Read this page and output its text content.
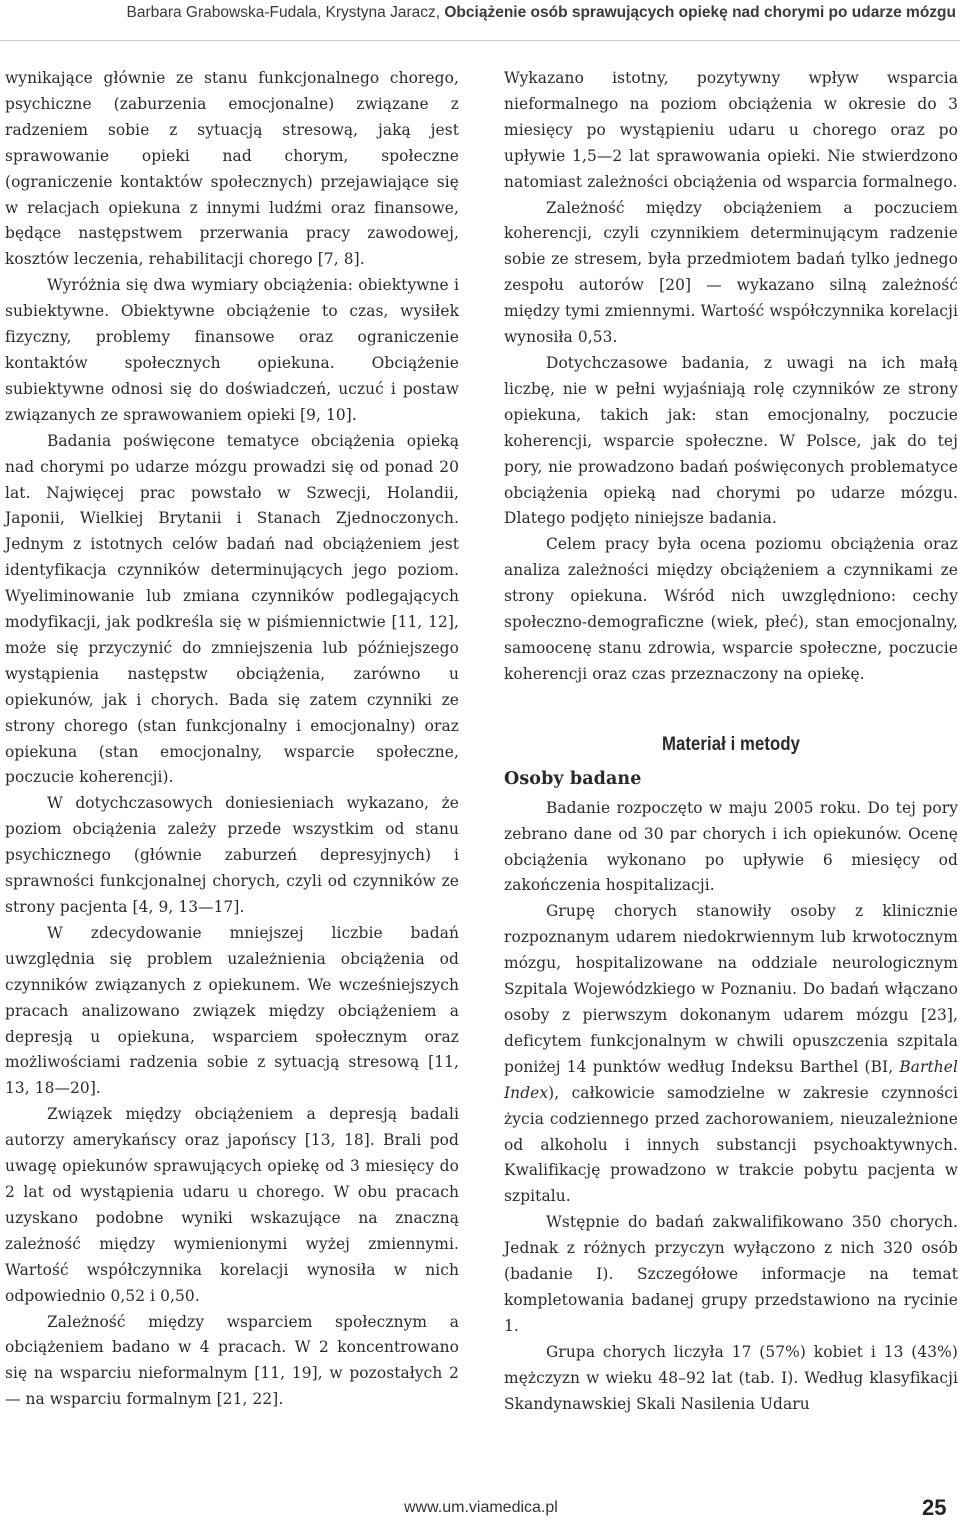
Barbara Grabowska-Fudala, Krystyna Jaracz, Obciążenie osób sprawujących opiekę nad chorymi po udarze mózgu

wynikające głównie ze stanu funkcjonalnego chorego, psychiczne (zaburzenia emocjonalne) związane z radzeniem sobie z sytuacją stresową, jaką jest sprawowanie opieki nad chorym, społeczne (ograniczenie kontaktów społecznych) przejawiające się w relacjach opiekuna z innymi ludźmi oraz finansowe, będące następstwem przerwania pracy zawodowej, kosztów leczenia, rehabilitacji chorego [7, 8].

Wyróżnia się dwa wymiary obciążenia: obiektywne i subiektywne. Obiektywne obciążenie to czas, wysiłek fizyczny, problemy finansowe oraz ograniczenie kontaktów społecznych opiekuna. Obciążenie subiektywne odnosi się do doświadczeń, uczuć i postaw związanych ze sprawowaniem opieki [9, 10].

Badania poświęcone tematyce obciążenia opieką nad chorymi po udarze mózgu prowadzi się od ponad 20 lat. Najwięcej prac powstało w Szwecji, Holandii, Japonii, Wielkiej Brytanii i Stanach Zjednoczonych. Jednym z istotnych celów badań nad obciążeniem jest identyfikacja czynników determinujących jego poziom. Wyeliminowanie lub zmiana czynników podlegających modyfikacji, jak podkreśla się w piśmiennictwie [11, 12], może się przyczynić do zmniejszenia lub późniejszego wystąpienia następstw obciążenia, zarówno u opiekunów, jak i chorych. Bada się zatem czynniki ze strony chorego (stan funkcjonalny i emocjonalny) oraz opiekuna (stan emocjonalny, wsparcie społeczne, poczucie koherencji).

W dotychczasowych doniesieniach wykazano, że poziom obciążenia zależy przede wszystkim od stanu psychicznego (głównie zaburzeń depresyjnych) i sprawności funkcjonalnej chorych, czyli od czynników ze strony pacjenta [4, 9, 13—17].

W zdecydowanie mniejszej liczbie badań uwzględnia się problem uzależnienia obciążenia od czynników związanych z opiekunem. We wcześniejszych pracach analizowano związek między obciążeniem a depresją u opiekuna, wsparciem społecznym oraz możliwościami radzenia sobie z sytuacją stresową [11, 13, 18—20].

Związek między obciążeniem a depresją badali autorzy amerykańscy oraz japońscy [13, 18]. Brali pod uwagę opiekunów sprawujących opiekę od 3 miesięcy do 2 lat od wystąpienia udaru u chorego. W obu pracach uzyskano podobne wyniki wskazujące na znaczną zależność między wymienionymi wyżej zmiennymi. Wartość współczynnika korelacji wynosiła w nich odpowiednio 0,52 i 0,50.

Zależność między wsparciem społecznym a obciążeniem badano w 4 pracach. W 2 koncentrowano się na wsparciu nieformalnym [11, 19], w pozostałych 2 — na wsparciu formalnym [21, 22].

Wykazano istotny, pozytywny wpływ wsparcia nieformalnego na poziom obciążenia w okresie do 3 miesięcy po wystąpieniu udaru u chorego oraz po upływie 1,5—2 lat sprawowania opieki. Nie stwierdzono natomiast zależności obciążenia od wsparcia formalnego.

Zależność między obciążeniem a poczuciem koherencji, czyli czynnikiem determinującym radzenie sobie ze stresem, była przedmiotem badań tylko jednego zespołu autorów [20] — wykazano silną zależność między tymi zmiennymi. Wartość współczynnika korelacji wynosiła 0,53.

Dotychczasowe badania, z uwagi na ich małą liczbę, nie w pełni wyjaśniają rolę czynników ze strony opiekuna, takich jak: stan emocjonalny, poczucie koherencji, wsparcie społeczne. W Polsce, jak do tej pory, nie prowadzono badań poświęconych problematyce obciążenia opieką nad chorymi po udarze mózgu. Dlatego podjęto niniejsze badania.

Celem pracy była ocena poziomu obciążenia oraz analiza zależności między obciążeniem a czynnikami ze strony opiekuna. Wśród nich uwzględniono: cechy społeczno-demograficzne (wiek, płeć), stan emocjonalny, samoocenę stanu zdrowia, wsparcie społeczne, poczucie koherencji oraz czas przeznaczony na opiekę.

Materiał i metody
Osoby badane

Badanie rozpoczęto w maju 2005 roku. Do tej pory zebrano dane od 30 par chorych i ich opiekunów. Ocenę obciążenia wykonano po upływie 6 miesięcy od zakończenia hospitalizacji.

Grupę chorych stanowiły osoby z klinicznie rozpoznanym udarem niedokrwiennym lub krwotocznym mózgu, hospitalizowane na oddziale neurologicznym Szpitala Wojewódzkiego w Poznaniu. Do badań włączano osoby z pierwszym dokonanym udarem mózgu [23], deficytem funkcjonalnym w chwili opuszczenia szpitala poniżej 14 punktów według Indeksu Barthel (BI, Barthel Index), całkowicie samodzielne w zakresie czynności życia codziennego przed zachorowaniem, nieuzależnione od alkoholu i innych substancji psychoaktywnych. Kwalifikację prowadzono w trakcie pobytu pacjenta w szpitalu.

Wstępnie do badań zakwalifikowano 350 chorych. Jednak z różnych przyczyn wyłączono z nich 320 osób (badanie I). Szczegółowe informacje na temat kompletowania badanej grupy przedstawiono na rycinie 1.

Grupa chorych liczyła 17 (57%) kobiet i 13 (43%) mężczyzn w wieku 48–92 lat (tab. I). Według klasyfikacji Skandynawskiej Skali Nasilenia Udaru

www.um.viamedica.pl	25
